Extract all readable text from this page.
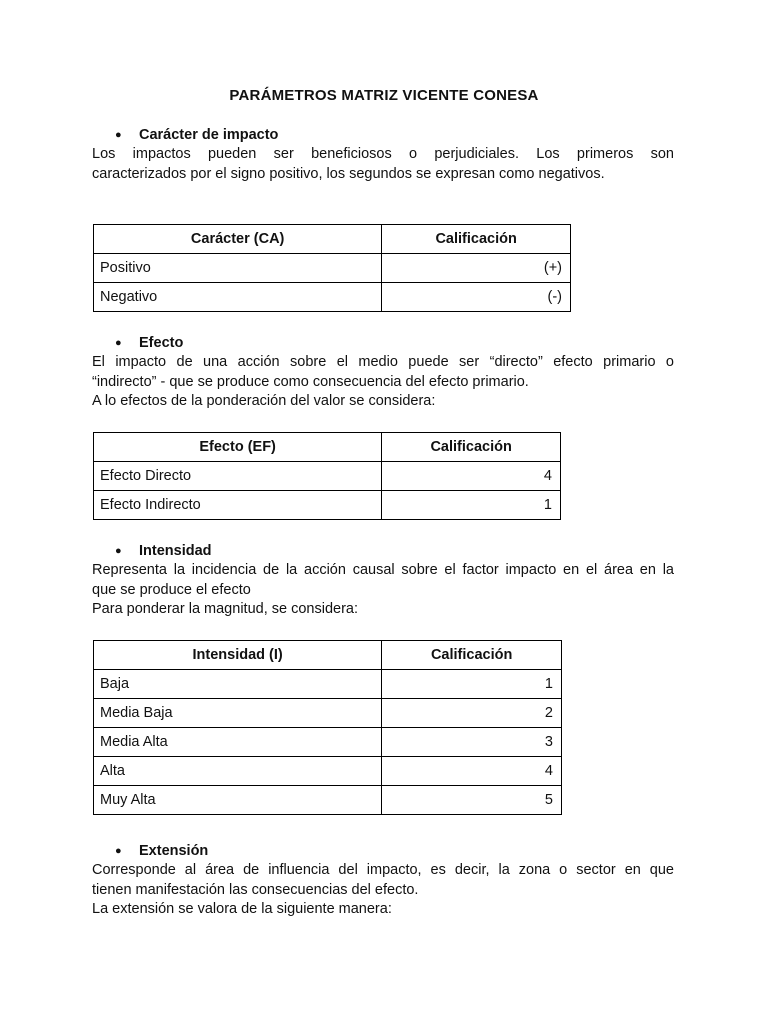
PARÁMETROS MATRIZ VICENTE CONESA
● Carácter de impacto
Los impactos pueden ser beneficiosos o perjudiciales. Los primeros son
caracterizados por el signo positivo, los segundos se expresan como negativos.
Carácter (CA)	Calificación
Positivo	(+)
Negativo	(-)
● Efecto
El impacto de una acción sobre el medio puede ser “directo” efecto primario o
“indirecto” - que se produce como consecuencia del efecto primario.
A lo efectos de la ponderación del valor se considera:
Efecto (EF)	Calificación
Efecto Directo	4
Efecto Indirecto	1
● Intensidad
Representa la incidencia de la acción causal sobre el factor impacto en el área en la
que se produce el efecto
Para ponderar la magnitud, se considera:
Intensidad (I)	Calificación
Baja	1
Media Baja	2
Media Alta	3
Alta	4
Muy Alta	5
● Extensión
Corresponde al área de influencia del impacto, es decir, la zona o sector en que
tienen manifestación las consecuencias del efecto.
La extensión se valora de la siguiente manera:
